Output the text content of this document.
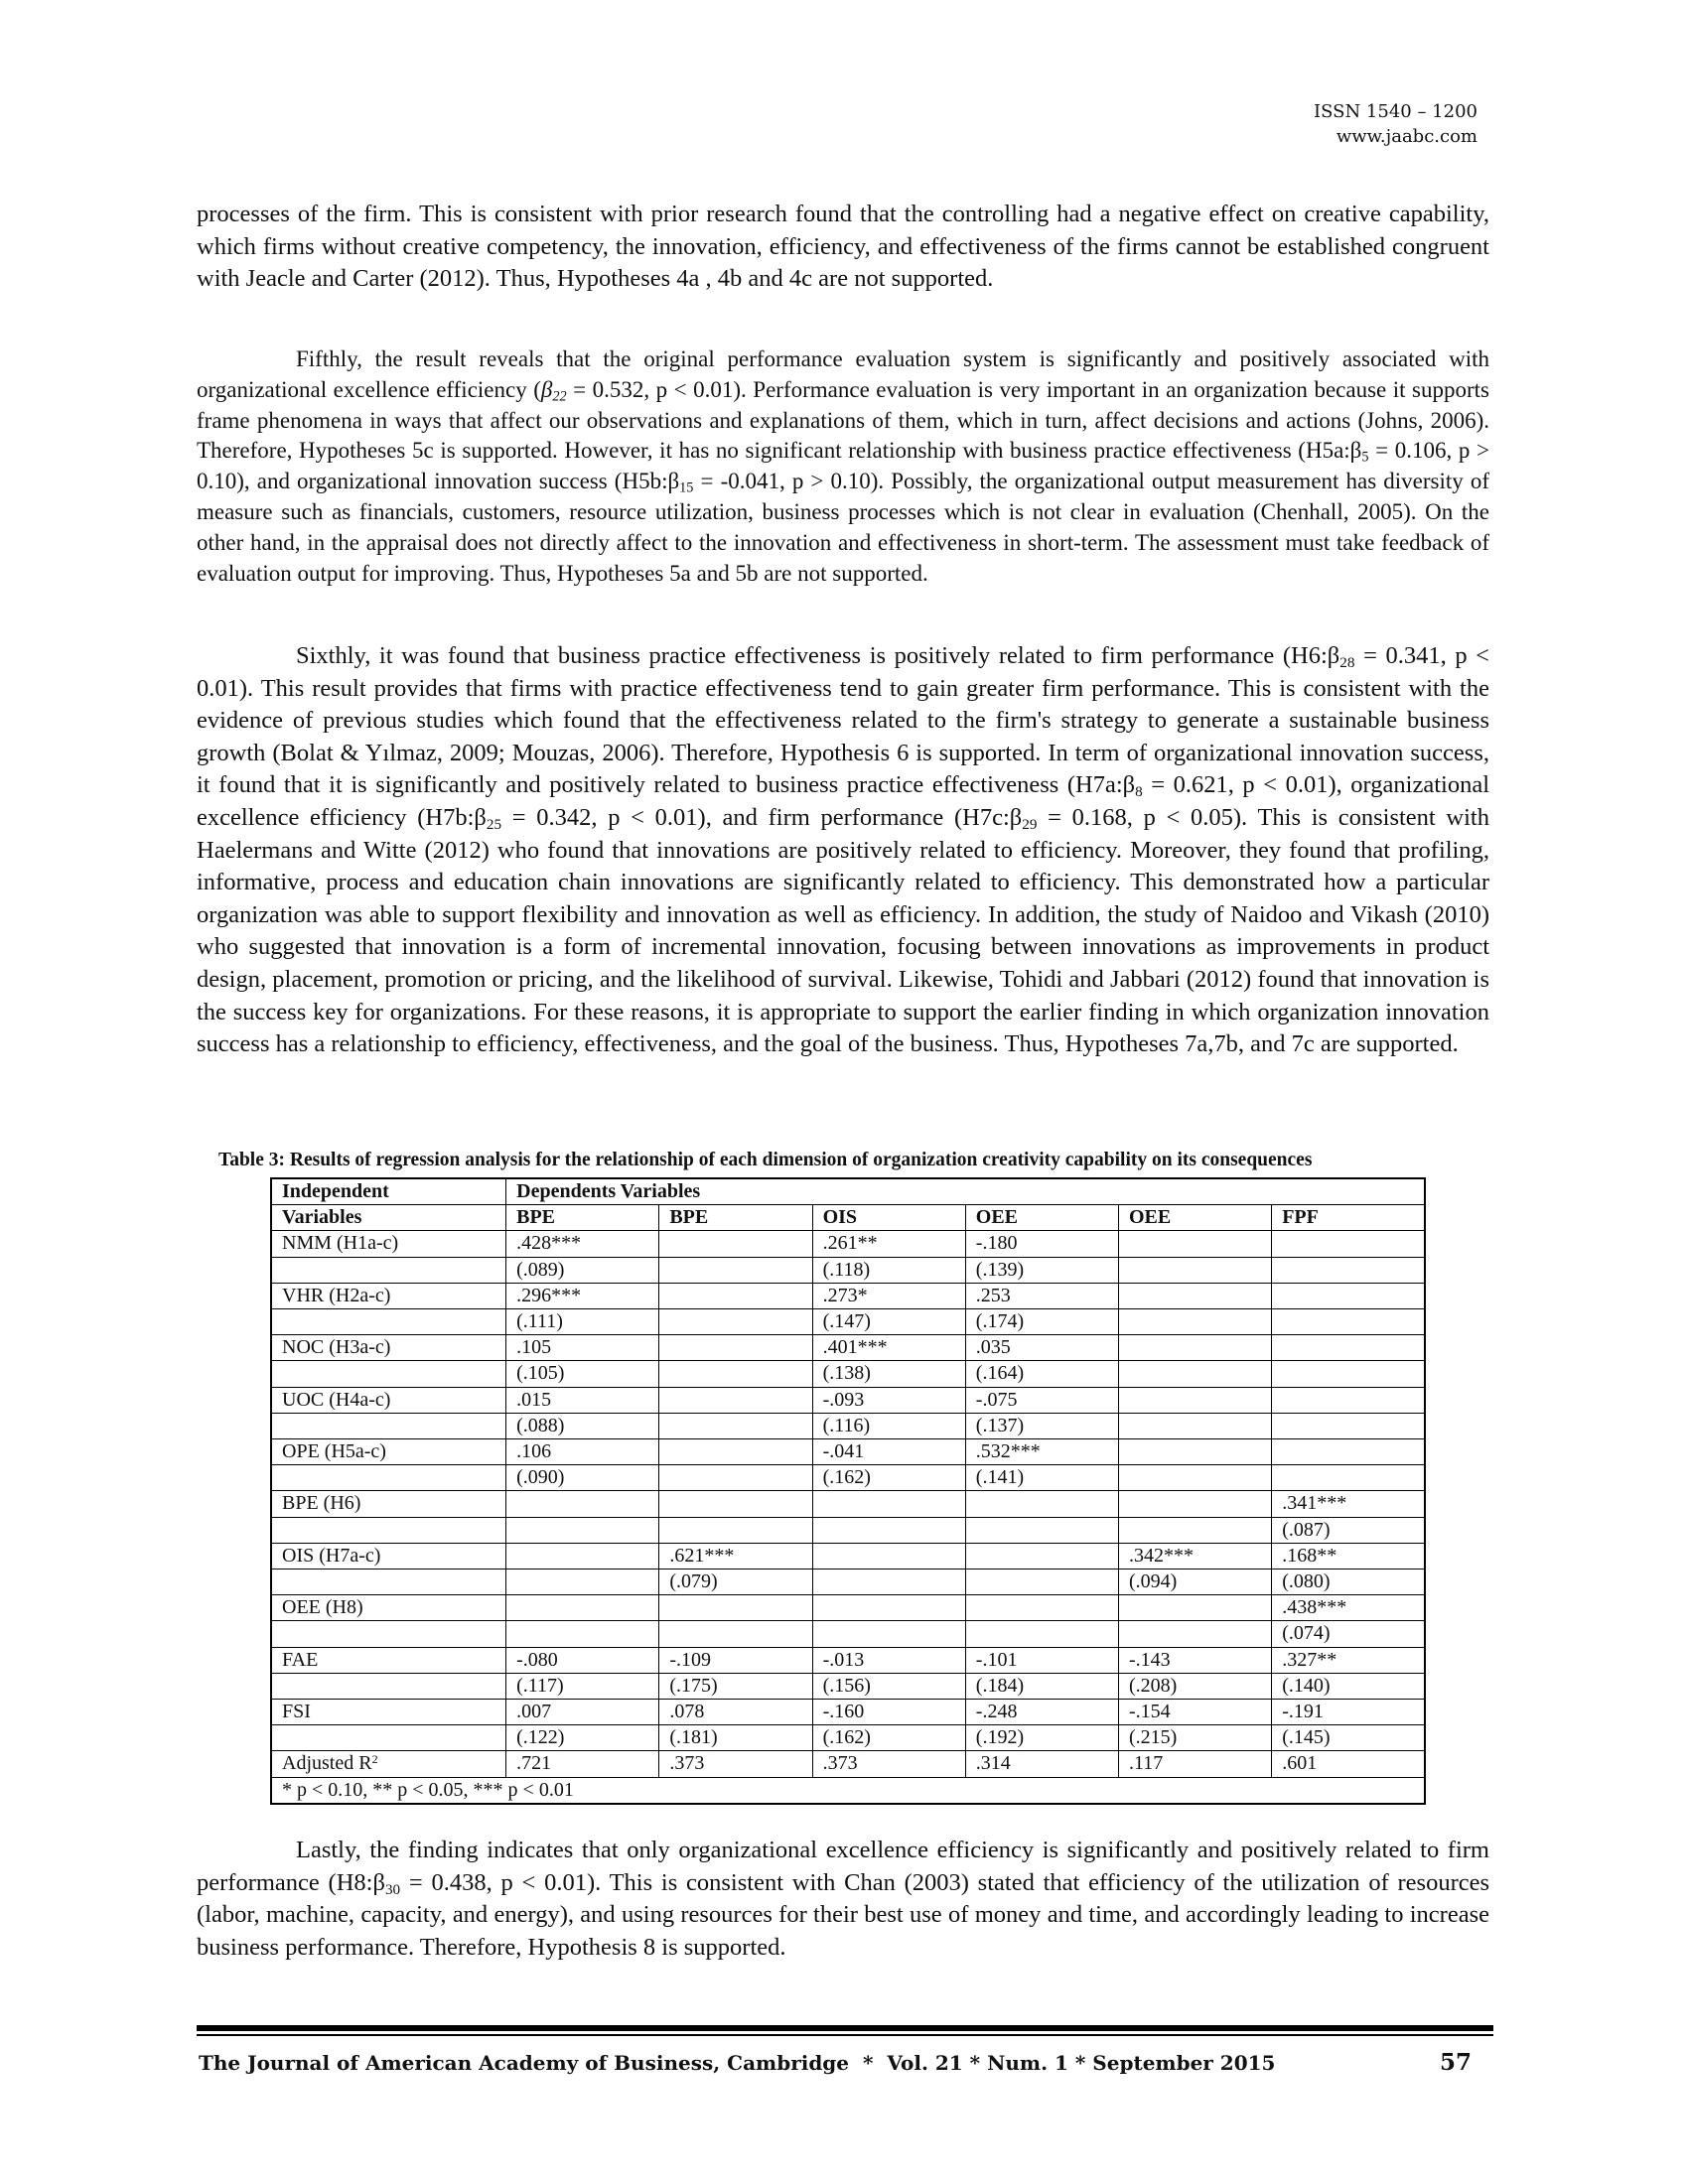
ISSN 1540 – 1200
www.jaabc.com

processes of the firm. This is consistent with prior research found that the controlling had a negative effect on creative capability, which firms without creative competency, the innovation, efficiency, and effectiveness of the firms cannot be established congruent with Jeacle and Carter (2012). Thus, Hypotheses 4a , 4b and 4c are not supported.

Fifthly, the result reveals that the original performance evaluation system is significantly and positively associated with organizational excellence efficiency ($\beta_{22} = 0.532$, p < 0.01). Performance evaluation is very important in an organization because it supports frame phenomena in ways that affect our observations and explanations of them, which in turn, affect decisions and actions (Johns, 2006). Therefore, Hypotheses 5c is supported. However, it has no significant relationship with business practice effectiveness ($H5a:\beta_5 = 0.106$, p > 0.10), and organizational innovation success ($H5b:\beta_{15} = -0.041$, p > 0.10). Possibly, the organizational output measurement has diversity of measure such as financials, customers, resource utilization, business processes which is not clear in evaluation (Chenhall, 2005). On the other hand, in the appraisal does not directly affect to the innovation and effectiveness in short-term. The assessment must take feedback of evaluation output for improving. Thus, Hypotheses 5a and 5b are not supported.

Sixthly, it was found that business practice effectiveness is positively related to firm performance ($H6:\beta_{28} = 0.341$, p < 0.01). This result provides that firms with practice effectiveness tend to gain greater firm performance. This is consistent with the evidence of previous studies which found that the effectiveness related to the firm's strategy to generate a sustainable business growth (Bolat & Yılmaz, 2009; Mouzas, 2006). Therefore, Hypothesis 6 is supported. In term of organizational innovation success, it found that it is significantly and positively related to business practice effectiveness ($H7a:\beta_8 = 0.621$, p < 0.01), organizational excellence efficiency ($H7b:\beta_{25} = 0.342$, p < 0.01), and firm performance ($H7c:\beta_{29} = 0.168$, p < 0.05). This is consistent with Haelermans and Witte (2012) who found that innovations are positively related to efficiency. Moreover, they found that profiling, informative, process and education chain innovations are significantly related to efficiency. This demonstrated how a particular organization was able to support flexibility and innovation as well as efficiency. In addition, the study of Naidoo and Vikash (2010) who suggested that innovation is a form of incremental innovation, focusing between innovations as improvements in product design, placement, promotion or pricing, and the likelihood of survival. Likewise, Tohidi and Jabbari (2012) found that innovation is the success key for organizations. For these reasons, it is appropriate to support the earlier finding in which organization innovation success has a relationship to efficiency, effectiveness, and the goal of the business. Thus, Hypotheses 7a,7b, and 7c are supported.

Table 3: Results of regression analysis for the relationship of each dimension of organization creativity capability on its consequences

Independent	Dependents Variables					
Variables	BPE	BPE	OIS	OEE	OEE	FPF
NMM (H1a-c)	.428***		.261**	-.180		
	(.089)		(.118)	(.139)		
VHR (H2a-c)	.296***		.273*	.253		
	(.111)		(.147)	(.174)		
NOC (H3a-c)	.105		.401***	.035		
	(.105)		(.138)	(.164)		
UOC (H4a-c)	.015		-.093	-.075		
	(.088)		(.116)	(.137)		
OPE (H5a-c)	.106		-.041	.532***		
	(.090)		(.162)	(.141)		
BPE (H6)						.341***
						(.087)
OIS (H7a-c)		.621***			.342***	.168**
		(.079)			(.094)	(.080)
OEE (H8)						.438***
						(.074)
FAE	-.080	-.109	-.013	-.101	-.143	.327**
	(.117)	(.175)	(.156)	(.184)	(.208)	(.140)
FSI	.007	.078	-.160	-.248	-.154	-.191
	(.122)	(.181)	(.162)	(.192)	(.215)	(.145)
Adjusted $R^2$	.721	.373	.373	.314	.117	.601
* p < 0.10, ** p < 0.05, *** p < 0.01						

Lastly, the finding indicates that only organizational excellence efficiency is significantly and positively related to firm performance ($H8:\beta_{30} = 0.438$, p < 0.01). This is consistent with Chan (2003) stated that efficiency of the utilization of resources (labor, machine, capacity, and energy), and using resources for their best use of money and time, and accordingly leading to increase business performance. Therefore, Hypothesis 8 is supported.

The Journal of American Academy of Business, Cambridge  *  Vol. 21 * Num. 1 * September 2015	57
